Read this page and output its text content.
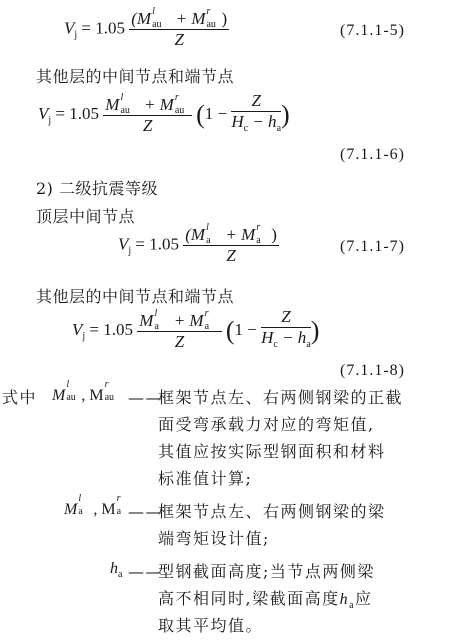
$V_j = 1.05$ (M l
au + M r
au )
Z	(7.1.1-5)
其他层的中间节点和端节点
$V_j = 1.05$ M l
au + M r
au
Z ($1 - \frac{Z}{H_c - h_a}$ )
(7.1.1-6)
2) 二级抗震等级
顶层中间节点
$V_j = 1.05$ (M l
a + M r
a )
Z	(7.1.1-7)
其他层的中间节点和端节点
$V_j = 1.05$ M l
a + M r
a
Z ($1 - \frac{Z}{H_c - h_a}$ )
(7.1.1-8)
式中 M
l
au , M
r
au ——
框架节点左、右两侧钢梁的正截
面受弯承载力对应的弯矩值,
其值应按实际型钢面积和材料
标准值计算;
M
l
a , M
r
a ——
框架节点左、右两侧钢梁的梁
端弯矩设计值;
$h_a$ ——
型钢截面高度;当节点两侧梁
高不相同时,梁截面高度$h_a$应
取其平均值。
